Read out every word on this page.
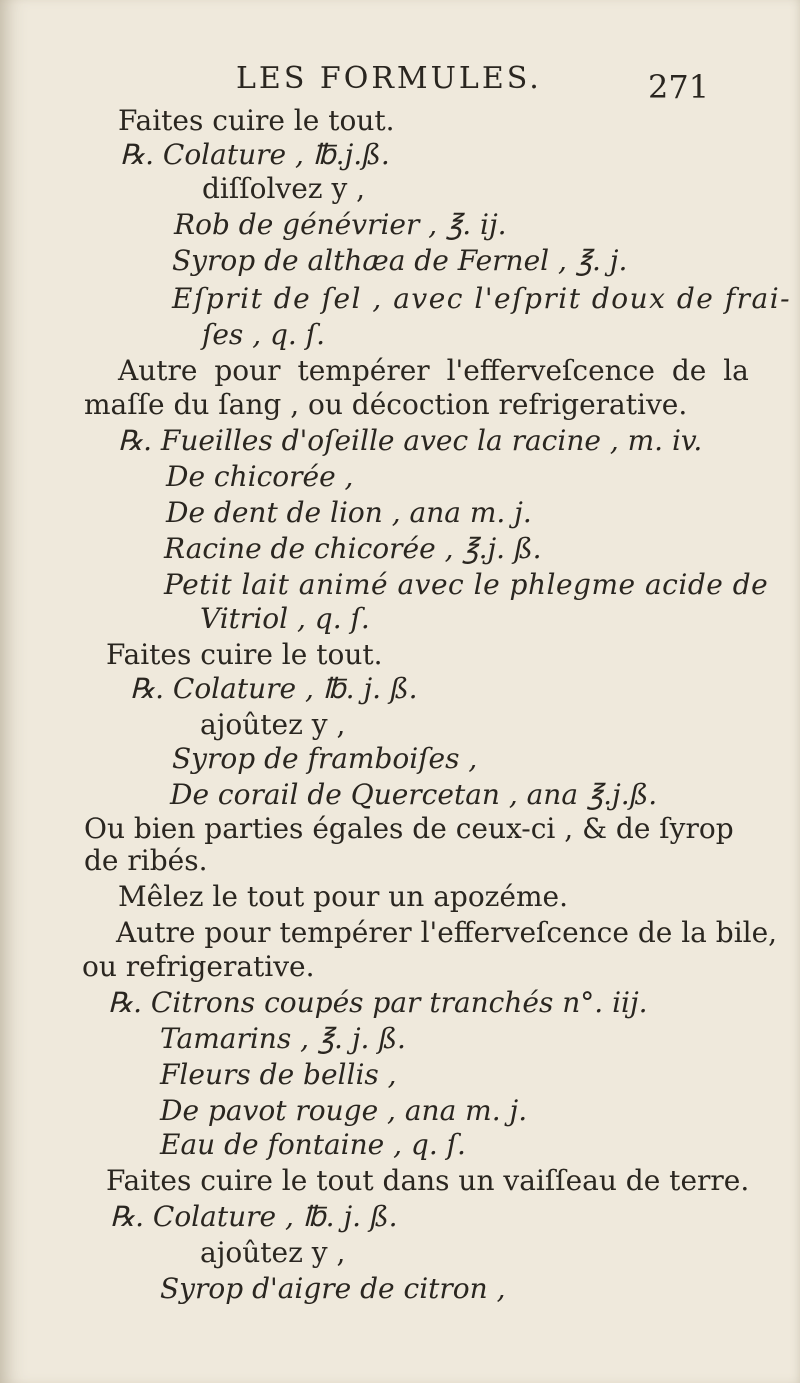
LES FORMULES.	271
Faites cuire le tout.
℞. Colature , ℔.j.ß.
diſſolvez y ,
Rob de génévrier , ℥. ij.
Syrop de althæa de Fernel , ℥. j.
Eſprit de ſel , avec l'eſprit doux de frai-
ſes , q. ſ.
Autre pour tempérer l'efferveſcence de la
maſſe du ſang , ou décoction refrigerative.
℞. Fueilles d'oſeille avec la racine , m. iv.
De chicorée ,
De dent de lion , ana m. j.
Racine de chicorée , ℥.j. ß.
Petit lait animé avec le phlegme acide de
Vitriol , q. ſ.
Faites cuire le tout.
℞. Colature , ℔. j. ß.
ajoûtez y ,
Syrop de framboiſes ,
De corail de Quercetan , ana ℥.j.ß.
Ou bien parties égales de ceux-ci , & de ſyrop
de ribés.
Mêlez le tout pour un apozéme.
Autre pour tempérer l'efferveſcence de la bile,
ou refrigerative.
℞. Citrons coupés par tranchés n°. iij.
Tamarins , ℥. j. ß.
Fleurs de bellis ,
De pavot rouge , ana m. j.
Eau de fontaine , q. ſ.
Faites cuire le tout dans un vaiſſeau de terre.
℞. Colature , ℔. j. ß.
ajoûtez y ,
Syrop d'aigre de citron ,
